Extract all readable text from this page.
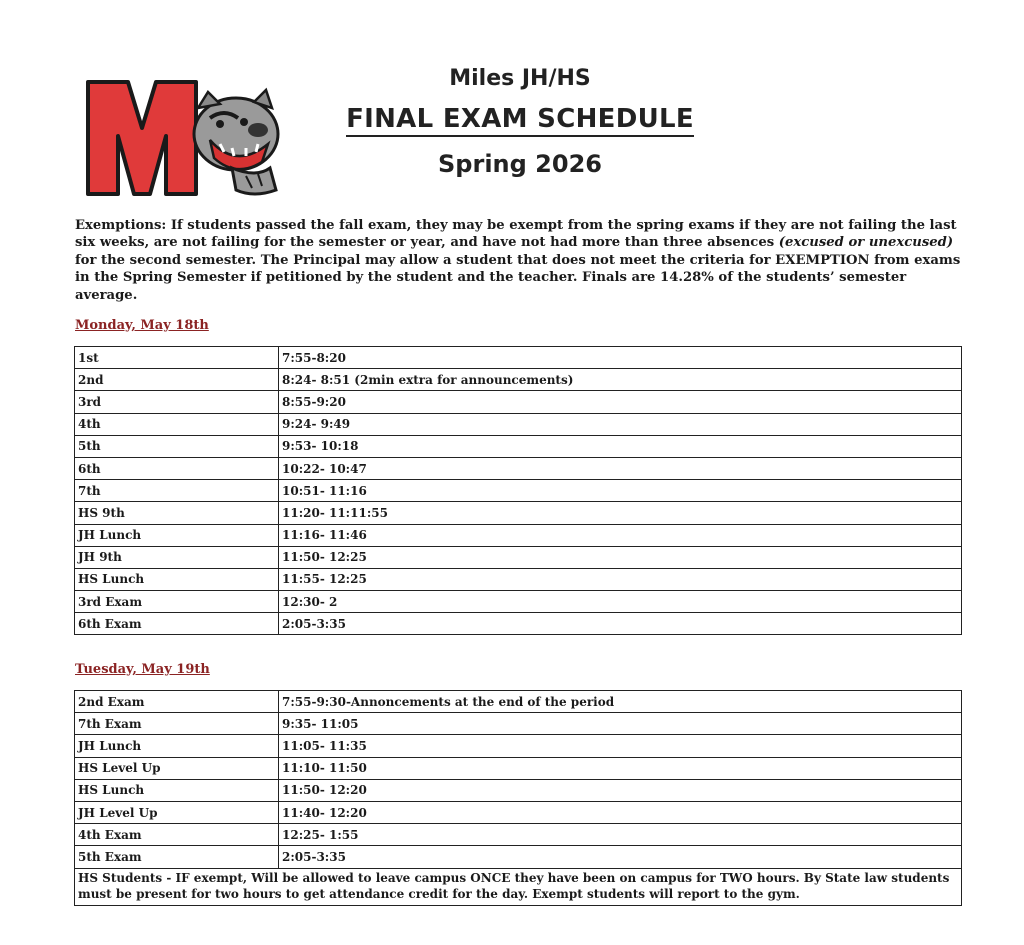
Miles JH/HS
FINAL EXAM SCHEDULE
Spring 2026

Exemptions: If students passed the fall exam, they may be exempt from the spring exams if they are not failing the last six weeks, are not failing for the semester or year, and have not had more than three absences (excused or unexcused) for the second semester. The Principal may allow a student that does not meet the criteria for EXEMPTION from exams in the Spring Semester if petitioned by the student and the teacher. Finals are 14.28% of the students’ semester average.

Monday, May 18th

1st	7:55-8:20
2nd	8:24- 8:51 (2min extra for announcements)
3rd	8:55-9:20
4th	9:24- 9:49
5th	9:53- 10:18
6th	10:22- 10:47
7th	10:51- 11:16
HS 9th	11:20- 11:11:55
JH Lunch	11:16- 11:46
JH 9th	11:50- 12:25
HS Lunch	11:55- 12:25
3rd Exam	12:30- 2
6th Exam	2:05-3:35

Tuesday, May 19th

2nd Exam	7:55-9:30-Annoncements at the end of the period
7th Exam	9:35- 11:05
JH Lunch	11:05- 11:35
HS Level Up	11:10- 11:50
HS Lunch	11:50- 12:20
JH Level Up	11:40- 12:20
4th Exam	12:25- 1:55
5th Exam	2:05-3:35
HS Students - IF exempt, Will be allowed to leave campus ONCE they have been on campus for TWO hours. By State law students must be present for two hours to get attendance credit for the day. Exempt students will report to the gym.	
